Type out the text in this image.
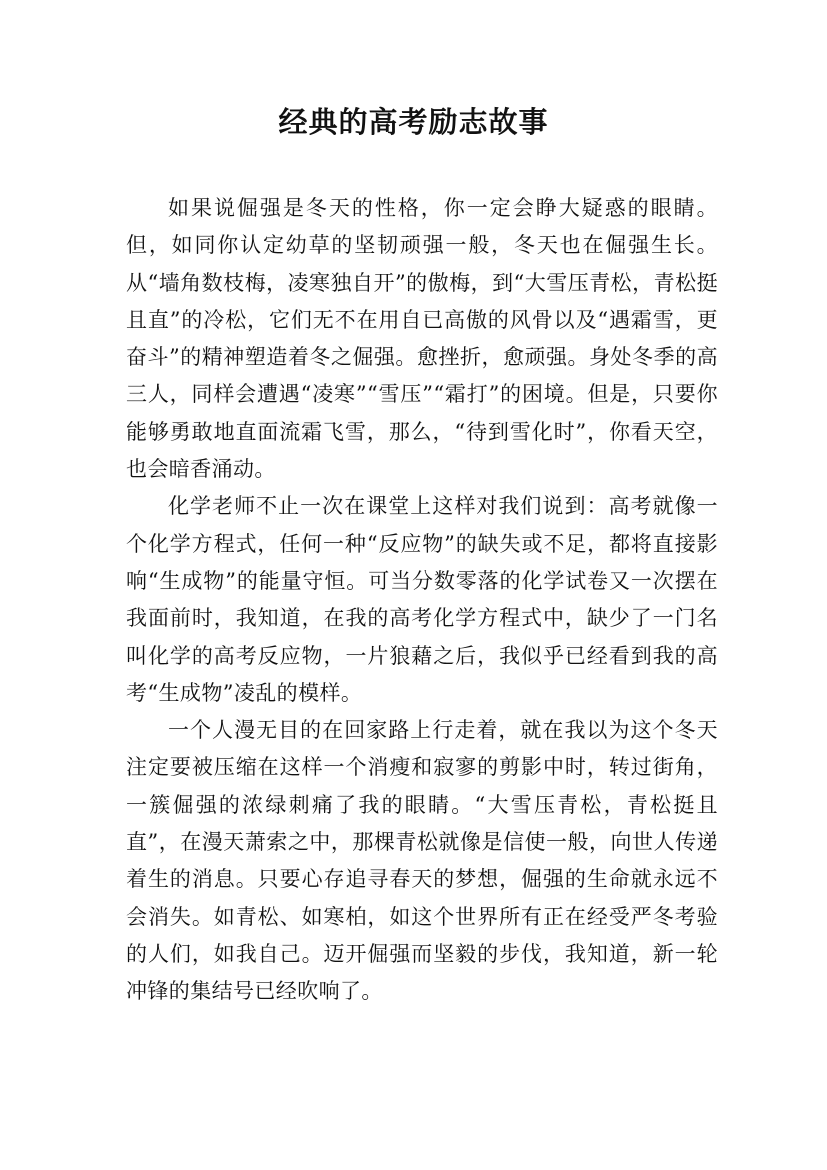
经典的高考励志故事

如果说倔强是冬天的性格，你一定会睁大疑惑的眼睛。但，如同你认定幼草的坚韧顽强一般，冬天也在倔强生长。从“墙角数枝梅，凌寒独自开”的傲梅，到“大雪压青松，青松挺且直”的冷松，它们无不在用自已高傲的风骨以及“遇霜雪，更奋斗”的精神塑造着冬之倔强。愈挫折，愈顽强。身处冬季的高三人，同样会遭遇“凌寒”“雪压”“霜打”的困境。但是，只要你能够勇敢地直面流霜飞雪，那么，“待到雪化时”，你看天空，也会暗香涌动。

化学老师不止一次在课堂上这样对我们说到：高考就像一个化学方程式，任何一种“反应物”的缺失或不足，都将直接影响“生成物”的能量守恒。可当分数零落的化学试卷又一次摆在我面前时，我知道，在我的高考化学方程式中，缺少了一门名叫化学的高考反应物，一片狼藉之后，我似乎已经看到我的高考“生成物”凌乱的模样。

一个人漫无目的在回家路上行走着，就在我以为这个冬天注定要被压缩在这样一个消瘦和寂寥的剪影中时，转过街角，一簇倔强的浓绿刺痛了我的眼睛。“大雪压青松，青松挺且直”，在漫天萧索之中，那棵青松就像是信使一般，向世人传递着生的消息。只要心存追寻春天的梦想，倔强的生命就永远不会消失。如青松、如寒柏，如这个世界所有正在经受严冬考验的人们，如我自己。迈开倔强而坚毅的步伐，我知道，新一轮冲锋的集结号已经吹响了。
